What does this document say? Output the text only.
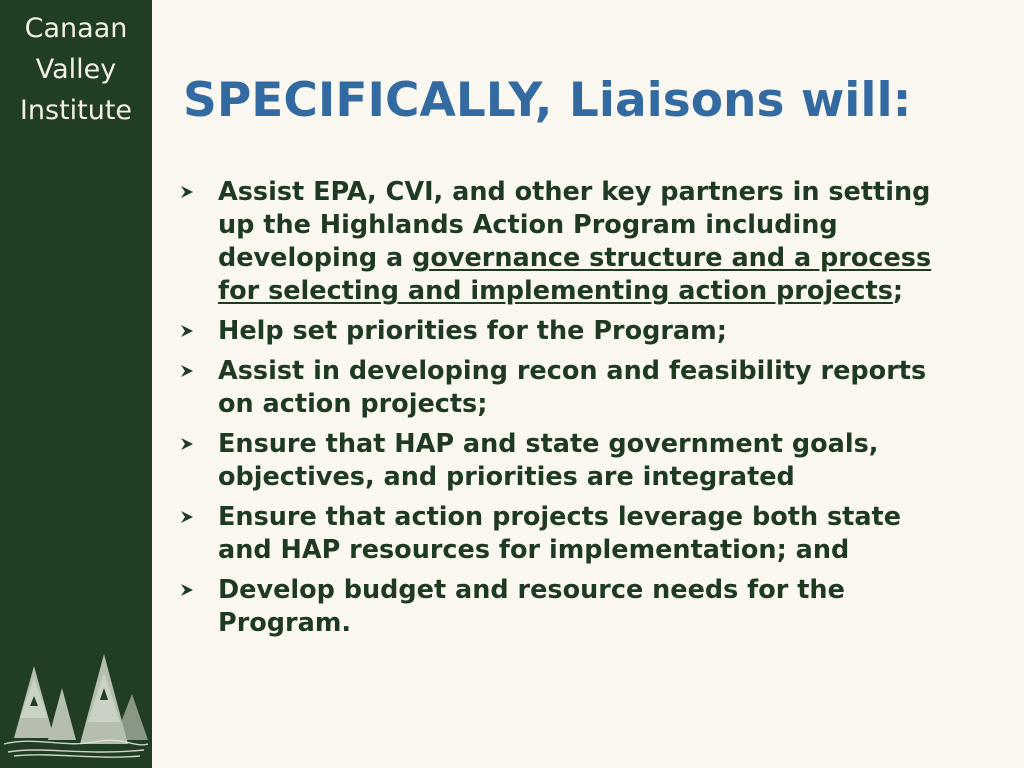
Canaan
Valley
Institute	SPECIFICALLY, Liaisons will:
Assist EPA, CVI, and other key partners in setting up the Highlands Action Program including developing a governance structure and a process for selecting and implementing action projects;
Help set priorities for the Program;
Assist in developing recon and feasibility reports on action projects;
Ensure that HAP and state government goals, objectives, and priorities are integrated
Ensure that action projects leverage both state and HAP resources for implementation; and
Develop budget and resource needs for the Program.
